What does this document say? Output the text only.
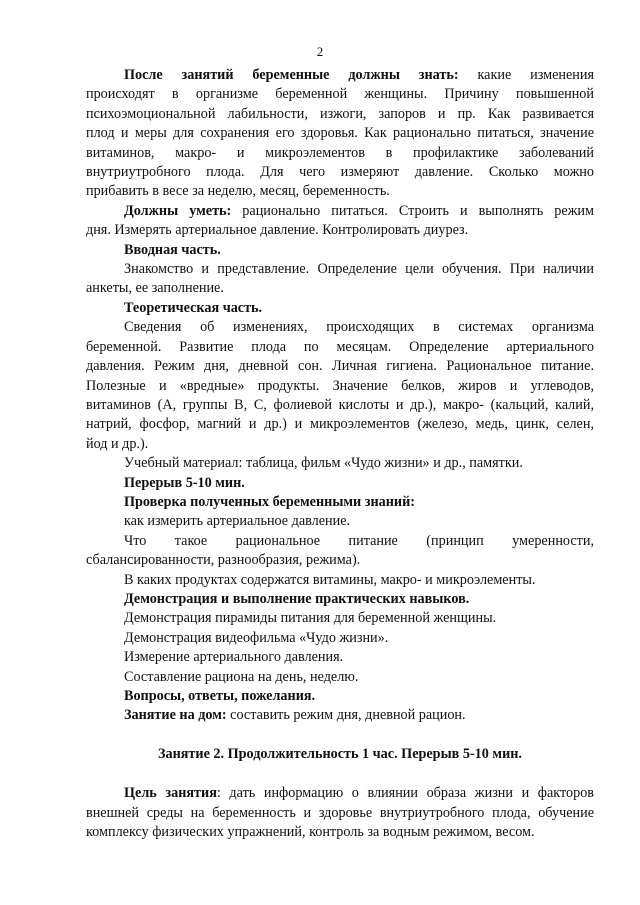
2

После занятий беременные должны знать: какие изменения

происходят в организме беременной женщины. Причину повышенной

психоэмоциональной лабильности, изжоги, запоров и пр. Как развивается

плод и меры для сохранения его здоровья. Как рационально питаться, значение

витаминов, макро- и микроэлементов в профилактике заболеваний

внутриутробного плода. Для чего измеряют давление. Сколько можно

прибавить в весе за неделю, месяц, беременность.

Должны уметь: рационально питаться. Строить и выполнять режим

дня. Измерять артериальное давление. Контролировать диурез.

Вводная часть.

Знакомство и представление. Определение цели обучения. При наличии

анкеты, ее заполнение.

Теоретическая часть.

Сведения об изменениях, происходящих в системах организма

беременной. Развитие плода по месяцам. Определение артериального

давления. Режим дня, дневной сон. Личная гигиена. Рациональное питание.

Полезные и «вредные» продукты. Значение белков, жиров и углеводов,

витаминов (А, группы В, С, фолиевой кислоты и др.), макро- (кальций, калий,

натрий, фосфор, магний и др.) и микроэлементов (железо, медь, цинк, селен,

йод и др.).

Учебный материал: таблица, фильм «Чудо жизни» и др., памятки.

Перерыв 5-10 мин.

Проверка полученных беременными знаний:

как измерить артериальное давление.

Что такое рациональное питание (принцип умеренности,

сбалансированности, разнообразия, режима).

В каких продуктах содержатся витамины, макро- и микроэлементы.

Демонстрация и выполнение практических навыков.

Демонстрация пирамиды питания для беременной женщины.

Демонстрация видеофильма «Чудо жизни».

Измерение артериального давления.

Составление рациона на день, неделю.

Вопросы, ответы, пожелания.

Занятие на дом: составить режим дня, дневной рацион.

Занятие 2. Продолжительность 1 час. Перерыв 5-10 мин.

Цель занятия: дать информацию о влиянии образа жизни и факторов

внешней среды на беременность и здоровье внутриутробного плода, обучение

комплексу физических упражнений, контроль за водным режимом, весом.
